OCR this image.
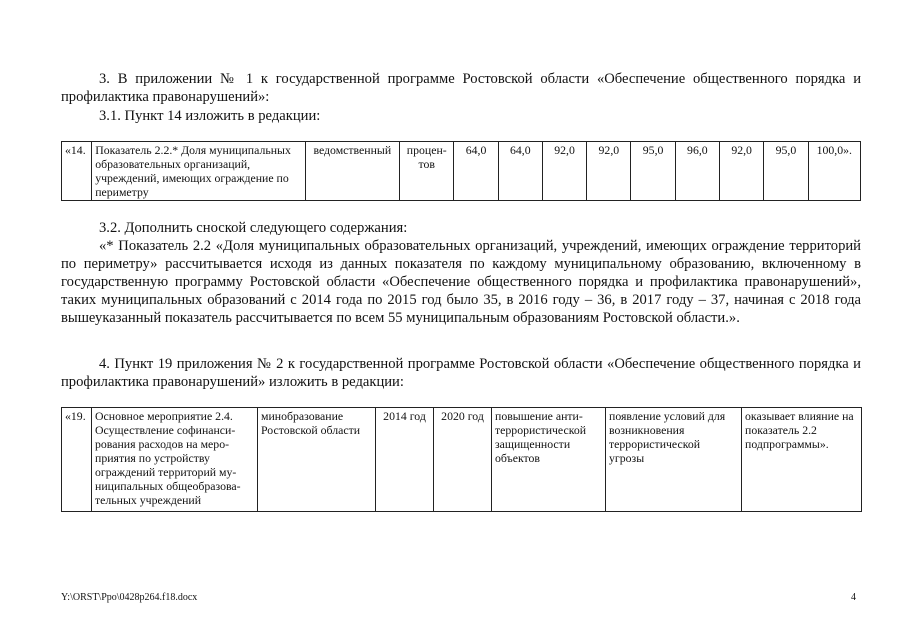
3. В приложении № 1 к государственной программе Ростовской области «Обеспечение общественного порядка и профилактика правонарушений»:

3.1. Пункт 14 изложить в редакции:

«14.	Показатель 2.2.* Доля муниципальных образовательных организаций, учреждений, имеющих ограждение по периметру	ведомственный	процен-тов	64,0	64,0	92,0	92,0	95,0	96,0	92,0	95,0	100,0».

3.2. Дополнить сноской следующего содержания:

«* Показатель 2.2 «Доля муниципальных образовательных организаций, учреждений, имеющих ограждение территорий по периметру» рассчитывается исходя из данных показателя по каждому муниципальному образованию, включенному в государственную программу Ростовской области «Обеспечение общественного порядка и профилактика правонарушений», таких муниципальных образований с 2014 года по 2015 год было 35, в 2016 году – 36, в 2017 году – 37, начиная с 2018 года вышеуказанный показатель рассчитывается по всем 55 муниципальным образованиям Ростовской области.».

4. Пункт 19 приложения № 2 к государственной программе Ростовской области «Обеспечение общественного порядка и профилактика правонарушений» изложить в редакции:

«19.	Основное мероприятие 2.4. Осуществление софинанси-рования расходов на меро-приятия по устройству ограждений территорий му-ниципальных общеобразова-тельных учреждений	минобразование Ростовской области	2014 год	2020 год	повышение анти-террористической защищенности объектов	появление условий для возникновения террористической угрозы	оказывает влияние на показатель 2.2 подпрограммы».
Y:\ORST\Ppo\0428p264.f18.docx	4
